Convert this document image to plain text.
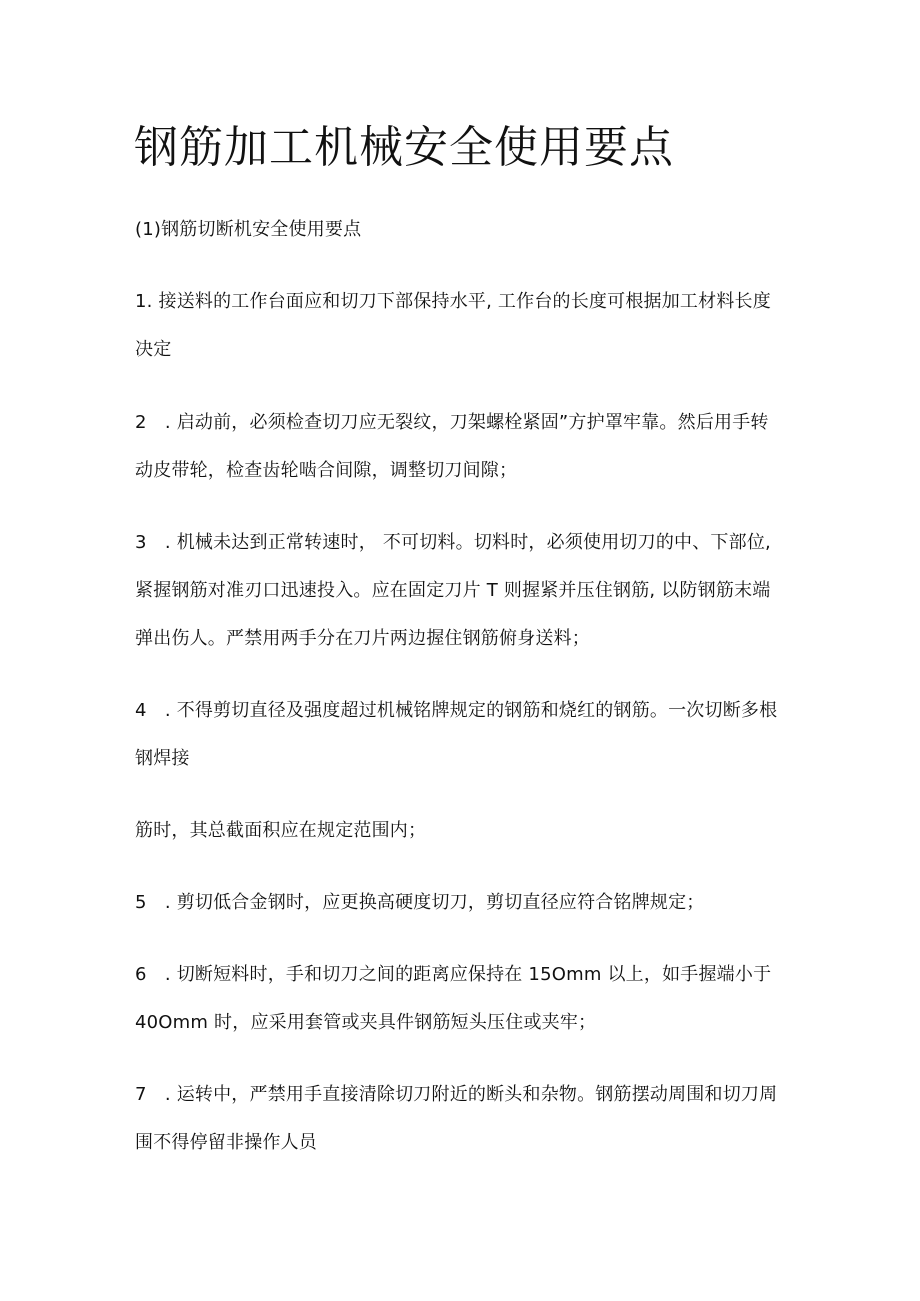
钢筋加工机械安全使用要点

(1)钢筋切断机安全使用要点

1. 接送料的工作台面应和切刀下部保持水平, 工作台的长度可根据加工材料长度

决定

2　. 启动前，必须检查切刀应无裂纹，刀架螺栓紧固”方护罩牢靠。然后用手转

动皮带轮，检查齿轮啮合间隙，调整切刀间隙；

3　. 机械未达到正常转速时， 不可切料。切料时，必须使用切刀的中、下部位,

紧握钢筋对准刃口迅速投入。应在固定刀片 T 则握紧并压住钢筋, 以防钢筋末端

弹出伤人。严禁用两手分在刀片两边握住钢筋俯身送料；

4　. 不得剪切直径及强度超过机械铭牌规定的钢筋和烧红的钢筋。一次切断多根

钢焊接

筋时，其总截面积应在规定范围内；

5　. 剪切低合金钢时，应更换高硬度切刀，剪切直径应符合铭牌规定；

6　. 切断短料时，手和切刀之间的距离应保持在 15Omm 以上，如手握端小于

40Omm 时，应采用套管或夹具件钢筋短头压住或夹牢；

7　. 运转中，严禁用手直接清除切刀附近的断头和杂物。钢筋摆动周围和切刀周

围不得停留非操作人员
